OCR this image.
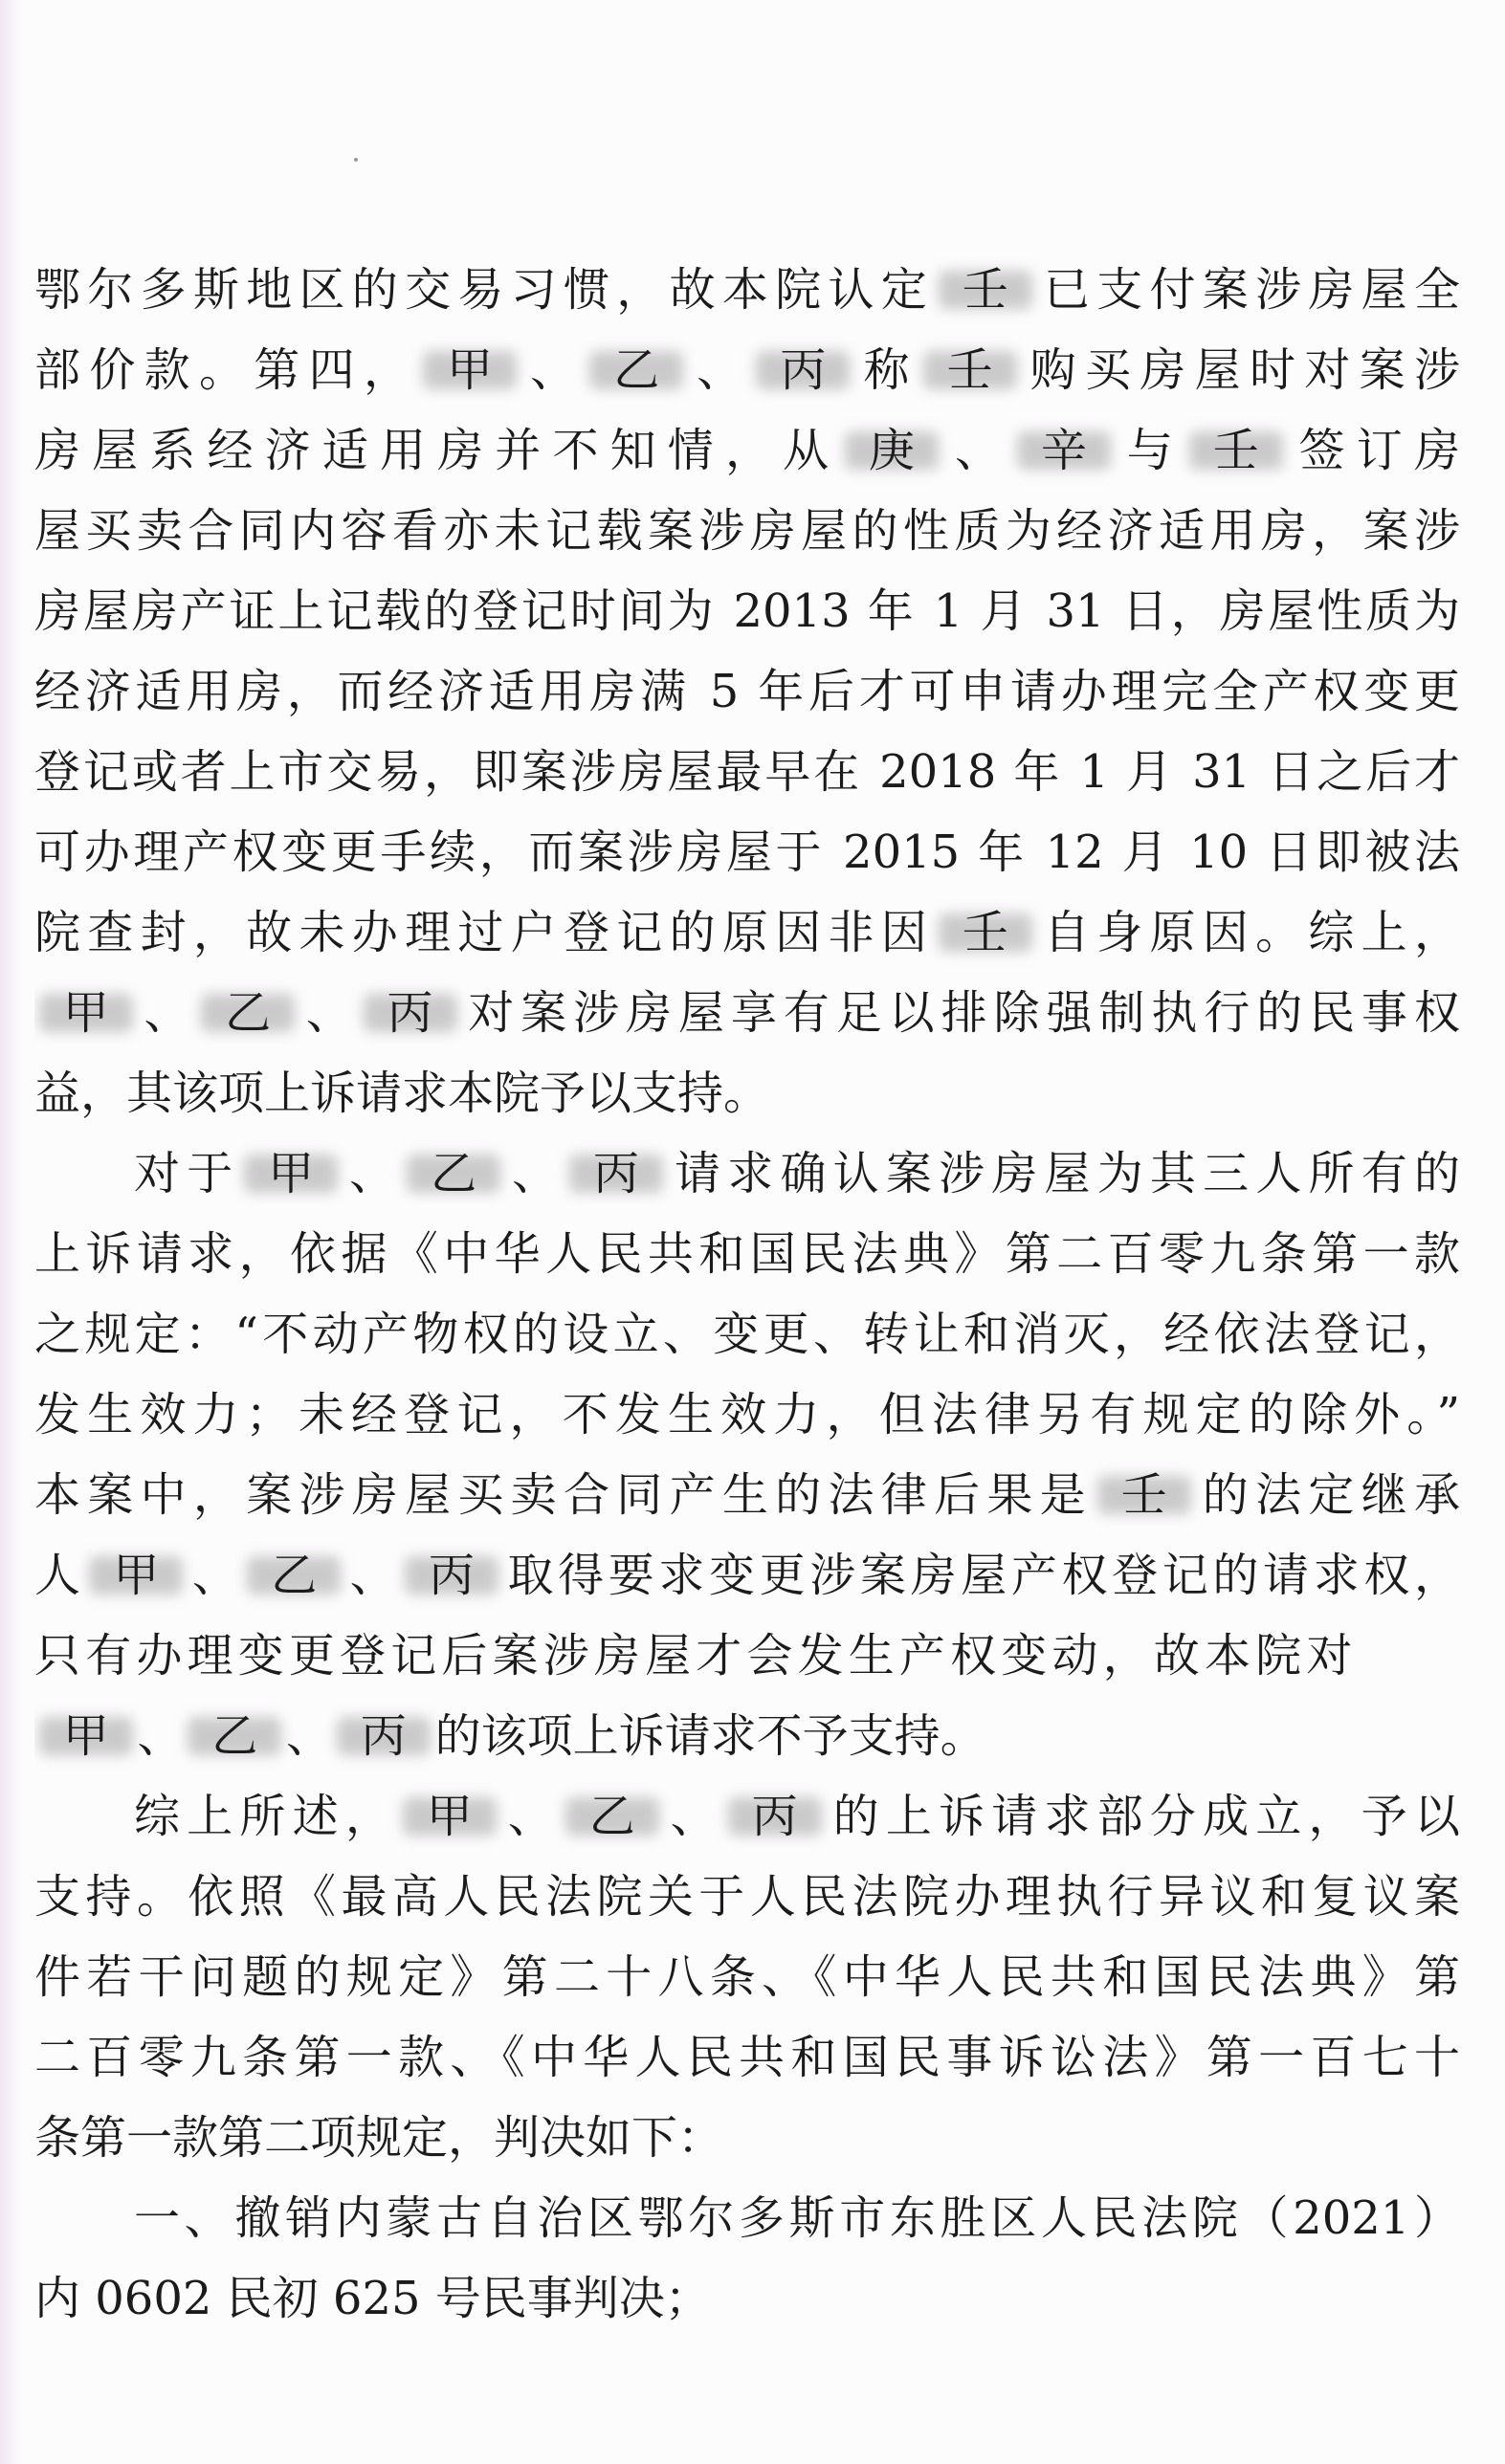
鄂尔多斯地区的交易习惯，故本院认定 壬 已支付案涉房屋全
部价款。第四， 甲 、 乙 、 丙 称 壬 购买房屋时对案涉
房屋系经济适用房并不知情，从 庚 、 辛 与 壬 签订房
屋买卖合同内容看亦未记载案涉房屋的性质为经济适用房，案涉
房屋房产证上记载的登记时间为 2013 年 1 月 31 日，房屋性质为
经济适用房，而经济适用房满 5 年后才可申请办理完全产权变更
登记或者上市交易，即案涉房屋最早在 2018 年 1 月 31 日之后才
可办理产权变更手续，而案涉房屋于 2015 年 12 月 10 日即被法
院查封，故未办理过户登记的原因非因 壬 自身原因。综上，
甲 、 乙 、 丙 对案涉房屋享有足以排除强制执行的民事权
益，其该项上诉请求本院予以支持。
对于 甲 、 乙 、 丙 请求确认案涉房屋为其三人所有的
上诉请求，依据《中华人民共和国民法典》第二百零九条第一款
之规定：“不动产物权的设立、变更、转让和消灭，经依法登记，
发生效力；未经登记，不发生效力，但法律另有规定的除外。”
本案中，案涉房屋买卖合同产生的法律后果是 壬 的法定继承
人 甲 、 乙 、 丙 取得要求变更涉案房屋产权登记的请求权，
只有办理变更登记后案涉房屋才会发生产权变动，故本院对
甲 、 乙 、 丙 的该项上诉请求不予支持。
综上所述， 甲 、 乙 、 丙 的上诉请求部分成立，予以
支持。依照《最高人民法院关于人民法院办理执行异议和复议案
件若干问题的规定》第二十八条、《中华人民共和国民法典》第
二百零九条第一款、《中华人民共和国民事诉讼法》第一百七十
条第一款第二项规定，判决如下：
一、撤销内蒙古自治区鄂尔多斯市东胜区人民法院（2021）
内 0602 民初 625 号民事判决；
